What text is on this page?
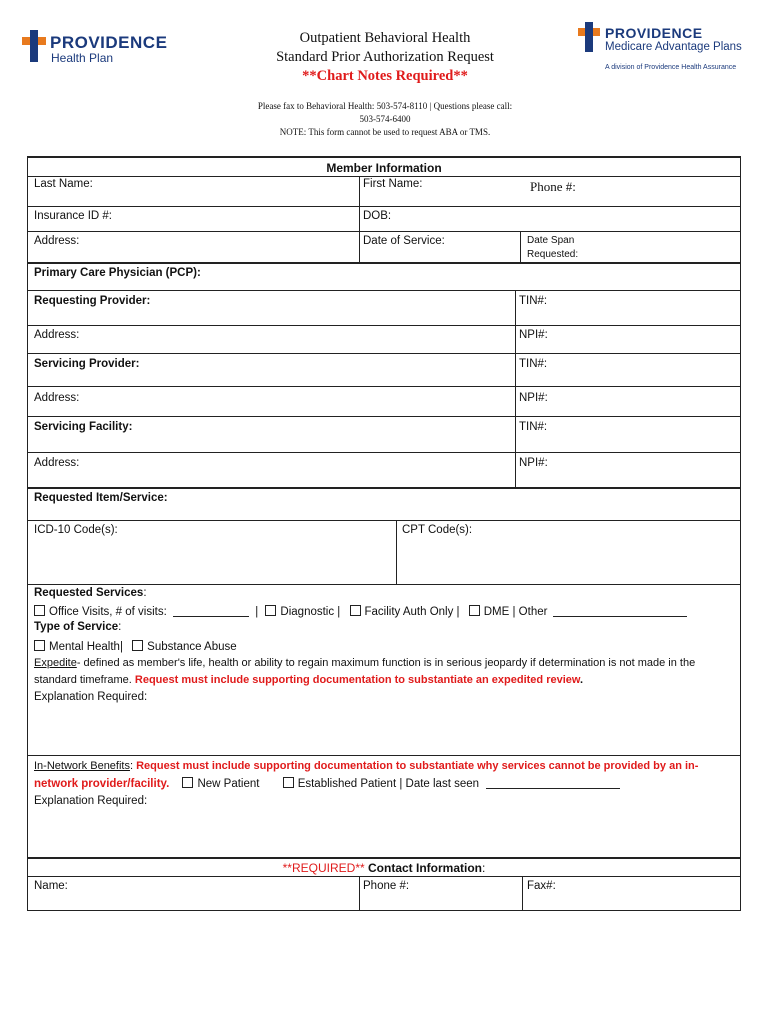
PROVIDENCE
Health Plan
PROVIDENCE
Medicare Advantage Plans
A division of Providence Health Assurance
Outpatient Behavioral Health
Standard Prior Authorization Request
**Chart Notes Required**
Please fax to Behavioral Health: 503-574-8110 | Questions please call:
503-574-6400
NOTE: This form cannot be used to request ABA or TMS.
Member Information
Last Name:	First Name:	Phone #:
Insurance ID #:	DOB:
Address:	Date of Service:	Date Span
Requested:
Primary Care Physician (PCP):
Requesting Provider:	TIN#:
Address:	NPI#:
Servicing Provider:	TIN#:
Address:	NPI#:
Servicing Facility:	TIN#:
Address:	NPI#:
Requested Item/Service:
ICD-10 Code(s):	CPT Code(s):
Requested Services:
Office Visits, # of visits:	| Diagnostic | Facility Auth Only | DME | Other
Type of Service:
Mental Health| Substance Abuse
Expedite- defined as member's life, health or ability to regain maximum function is in serious jeopardy if determination is not made in the
standard timeframe. Request must include supporting documentation to substantiate an expedited review.
Explanation Required:
In-Network Benefits: Request must include supporting documentation to substantiate why services cannot be provided by an in-
network provider/facility. New Patient	Established Patient | Date last seen
Explanation Required:
**REQUIRED** Contact Information:
Name:	Phone #:	Fax#:
